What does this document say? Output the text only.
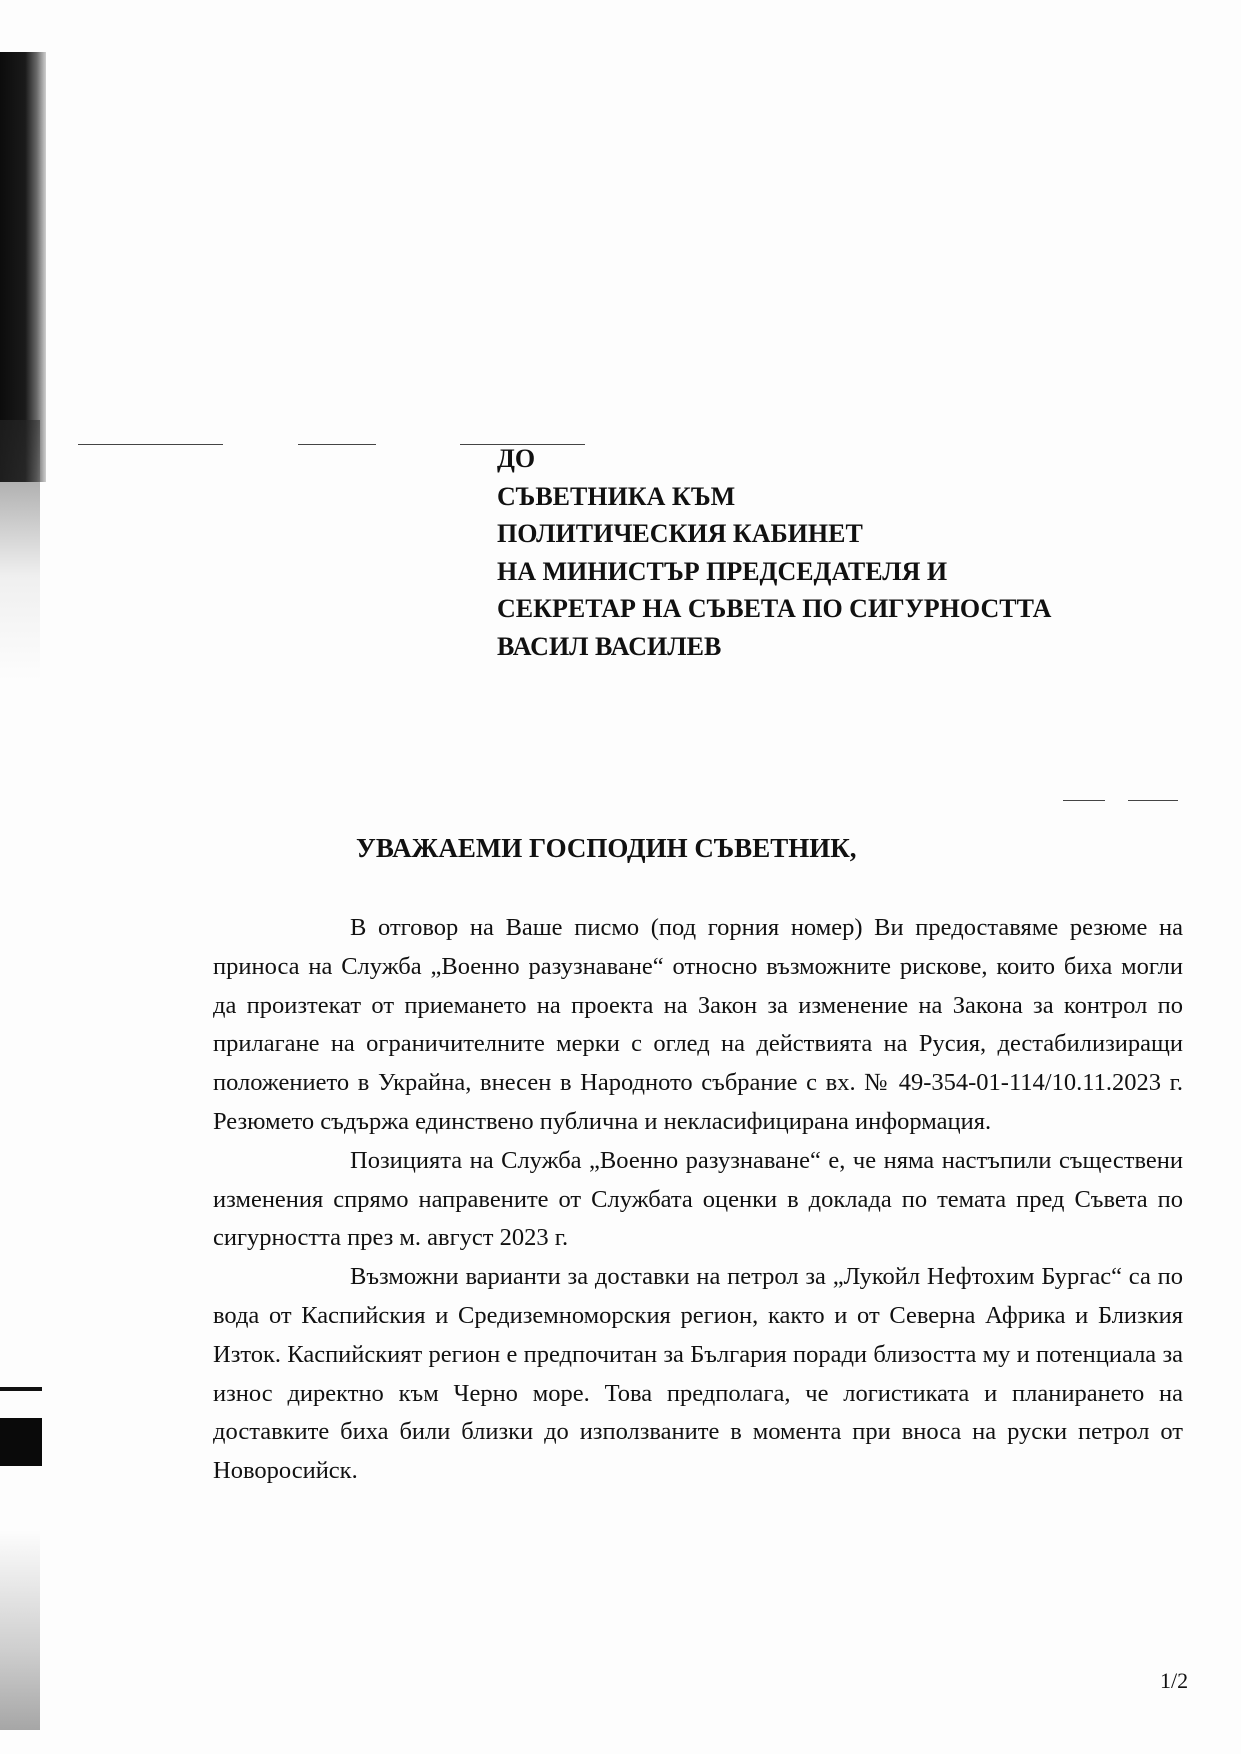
ДО
СЪВЕТНИКА КЪМ
ПОЛИТИЧЕСКИЯ КАБИНЕТ
НА МИНИСТЪР ПРЕДСЕДАТЕЛЯ И
СЕКРЕТАР НА СЪВЕТА ПО СИГУРНОСТТА
ВАСИЛ ВАСИЛЕВ
УВАЖАЕМИ ГОСПОДИН СЪВЕТНИК,

В отговор на Ваше писмо (под горния номер) Ви предоставяме резюме на приноса на Служба „Военно разузнаване“ относно възможните рискове, които биха могли да произтекат от приемането на проекта на Закон за изменение на Закона за контрол по прилагане на ограничителните мерки с оглед на действията на Русия, дестабилизиращи положението в Украйна, внесен в Народното събрание с вх. № 49-354-01-114/10.11.2023 г. Резюмето съдържа единствено публична и некласифицирана информация.

Позицията на Служба „Военно разузнаване“ е, че няма настъпили съществени изменения спрямо направените от Службата оценки в доклада по темата пред Съвета по сигурността през м. август 2023 г.

Възможни варианти за доставки на петрол за „Лукойл Нефтохим Бургас“ са по вода от Каспийския и Средиземноморския регион, както и от Северна Африка и Близкия Изток. Каспийският регион е предпочитан за България поради близостта му и потенциала за износ директно към Черно море. Това предполага, че логистиката и планирането на доставките биха били близки до използваните в момента при вноса на руски петрол от Новоросийск.

1/2
